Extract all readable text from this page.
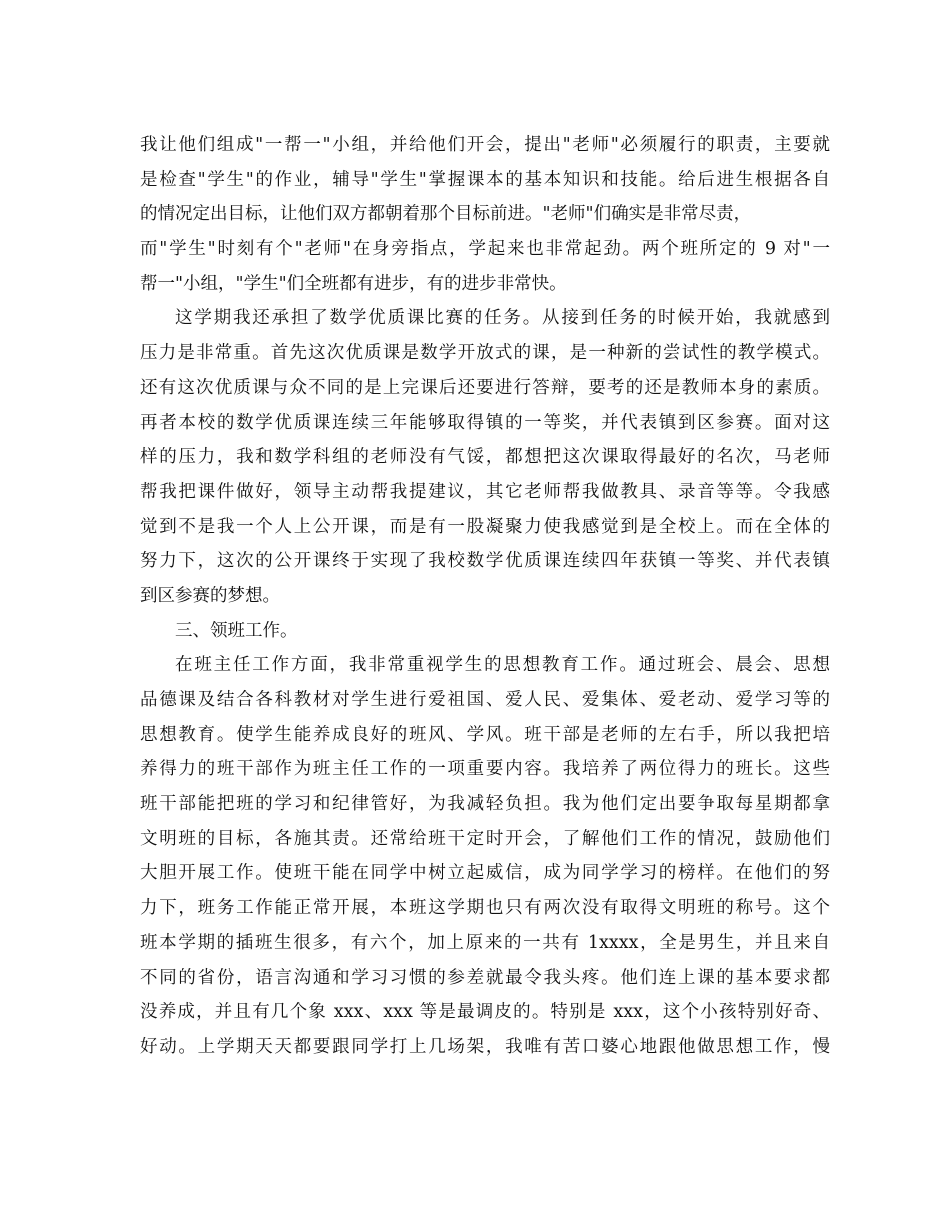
我让他们组成"一帮一"小组，并给他们开会，提出"老师"必须履行的职责，主要就
是检查"学生"的作业，辅导"学生"掌握课本的基本知识和技能。给后进生根据各自
的情况定出目标，让他们双方都朝着那个目标前进。"老师"们确实是非常尽责，
而"学生"时刻有个"老师"在身旁指点，学起来也非常起劲。两个班所定的 9 对"一
帮一"小组，"学生"们全班都有进步，有的进步非常快。
这学期我还承担了数学优质课比赛的任务。从接到任务的时候开始，我就感到
压力是非常重。首先这次优质课是数学开放式的课，是一种新的尝试性的教学模式。
还有这次优质课与众不同的是上完课后还要进行答辩，要考的还是教师本身的素质。
再者本校的数学优质课连续三年能够取得镇的一等奖，并代表镇到区参赛。面对这
样的压力，我和数学科组的老师没有气馁，都想把这次课取得最好的名次，马老师
帮我把课件做好，领导主动帮我提建议，其它老师帮我做教具、录音等等。令我感
觉到不是我一个人上公开课，而是有一股凝聚力使我感觉到是全校上。而在全体的
努力下，这次的公开课终于实现了我校数学优质课连续四年获镇一等奖、并代表镇
到区参赛的梦想。
三、领班工作。
在班主任工作方面，我非常重视学生的思想教育工作。通过班会、晨会、思想
品德课及结合各科教材对学生进行爱祖国、爱人民、爱集体、爱老动、爱学习等的
思想教育。使学生能养成良好的班风、学风。班干部是老师的左右手，所以我把培
养得力的班干部作为班主任工作的一项重要内容。我培养了两位得力的班长。这些
班干部能把班的学习和纪律管好，为我减轻负担。我为他们定出要争取每星期都拿
文明班的目标，各施其责。还常给班干定时开会，了解他们工作的情况，鼓励他们
大胆开展工作。使班干能在同学中树立起威信，成为同学学习的榜样。在他们的努
力下，班务工作能正常开展，本班这学期也只有两次没有取得文明班的称号。这个
班本学期的插班生很多，有六个，加上原来的一共有 1xxxx，全是男生，并且来自
不同的省份，语言沟通和学习习惯的参差就最令我头疼。他们连上课的基本要求都
没养成，并且有几个象 xxx、xxx 等是最调皮的。特别是 xxx，这个小孩特别好奇、
好动。上学期天天都要跟同学打上几场架，我唯有苦口婆心地跟他做思想工作，慢
